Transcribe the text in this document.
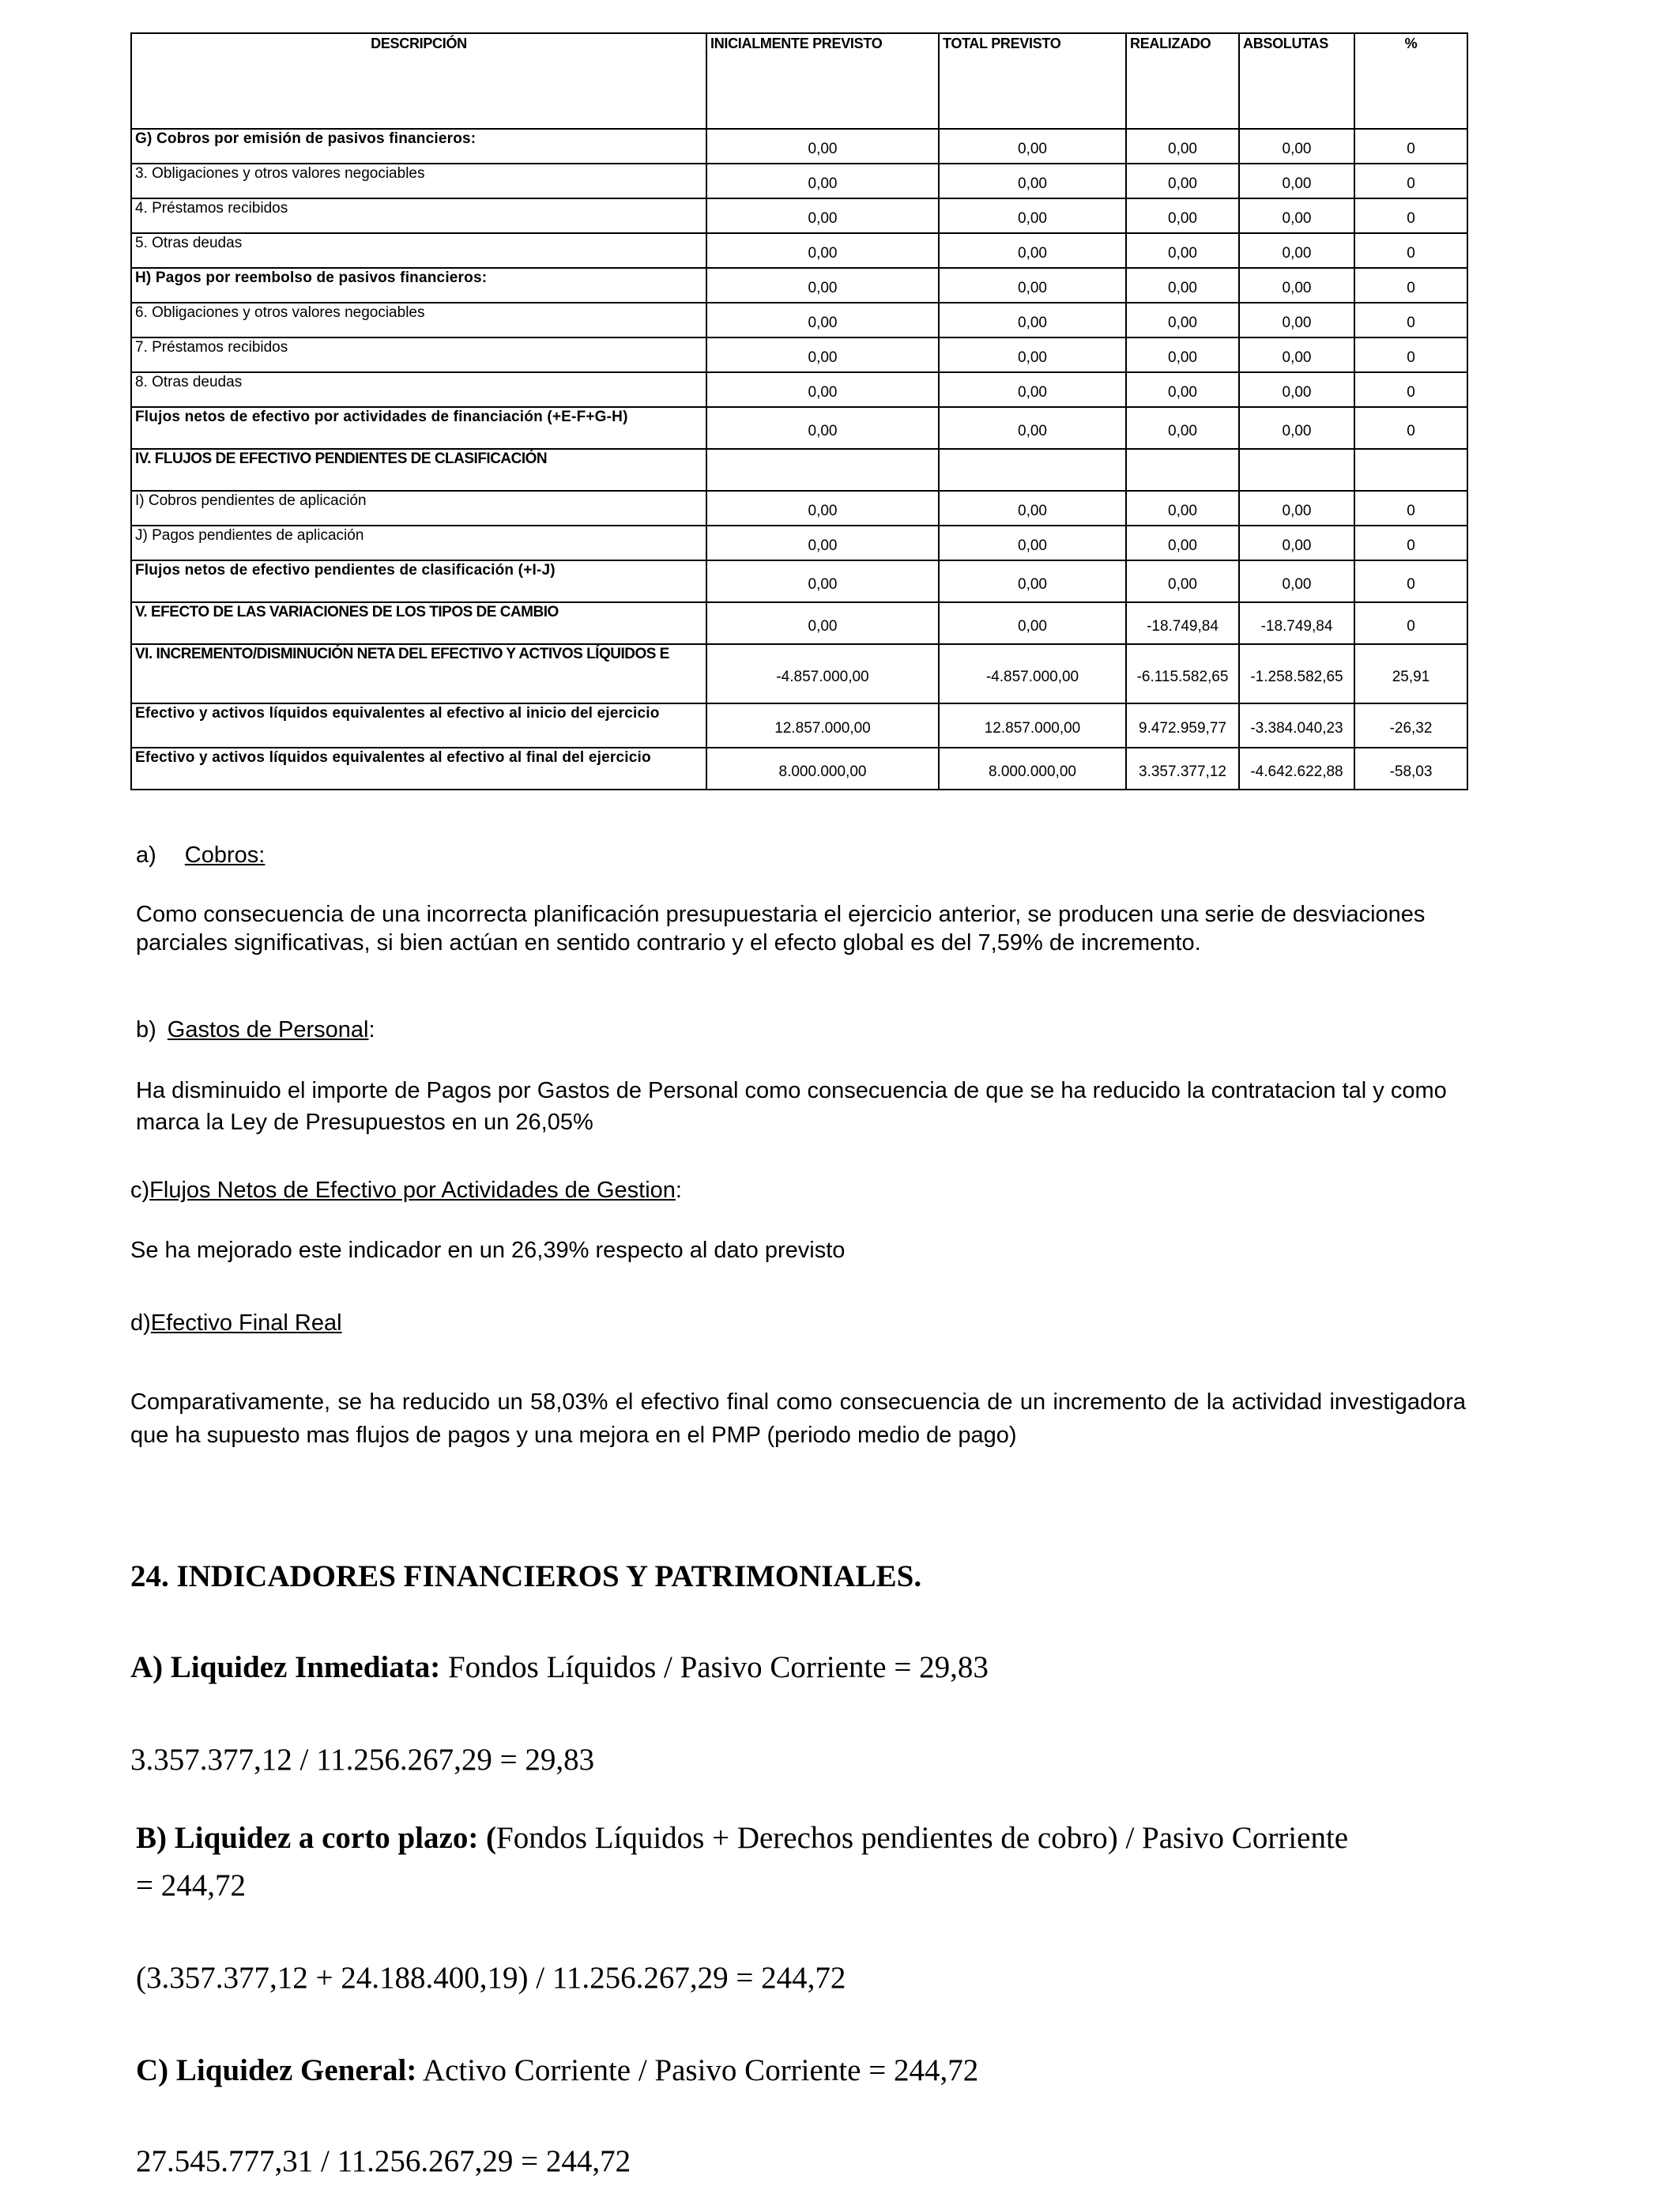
DESCRIPCIÓN	INICIALMENTE PREVISTO	TOTAL PREVISTO	REALIZADO	ABSOLUTAS	%
G) Cobros por emisión de pasivos financieros:	0,00	0,00	0,00	0,00	0
3. Obligaciones y otros valores negociables	0,00	0,00	0,00	0,00	0
4. Préstamos recibidos	0,00	0,00	0,00	0,00	0
5. Otras deudas	0,00	0,00	0,00	0,00	0
H) Pagos por reembolso de pasivos financieros:	0,00	0,00	0,00	0,00	0
6. Obligaciones y otros valores negociables	0,00	0,00	0,00	0,00	0
7. Préstamos recibidos	0,00	0,00	0,00	0,00	0
8. Otras deudas	0,00	0,00	0,00	0,00	0
Flujos netos de efectivo por actividades de financiación (+E-F+G-H)	0,00	0,00	0,00	0,00	0
IV. FLUJOS DE EFECTIVO PENDIENTES DE CLASIFICACIÓN					
I) Cobros pendientes de aplicación	0,00	0,00	0,00	0,00	0
J) Pagos pendientes de aplicación	0,00	0,00	0,00	0,00	0
Flujos netos de efectivo pendientes de clasificación (+I-J)	0,00	0,00	0,00	0,00	0
V. EFECTO DE LAS VARIACIONES DE LOS TIPOS DE CAMBIO	0,00	0,00	-18.749,84	-18.749,84	0
VI. INCREMENTO/DISMINUCIÓN NETA DEL EFECTIVO Y ACTIVOS LÍQUIDOS E	-4.857.000,00	-4.857.000,00	-6.115.582,65	-1.258.582,65	25,91
Efectivo y activos líquidos equivalentes al efectivo al inicio del ejercicio	12.857.000,00	12.857.000,00	9.472.959,77	-3.384.040,23	-26,32
Efectivo y activos líquidos equivalentes al efectivo al final del ejercicio	8.000.000,00	8.000.000,00	3.357.377,12	-4.642.622,88	-58,03

a) Cobros:

Como consecuencia de una incorrecta planificación presupuestaria el ejercicio anterior, se producen una serie de desviaciones parciales significativas, si bien actúan en sentido contrario y el efecto global es del 7,59% de incremento.

b) Gastos de Personal:

Ha disminuido el importe de Pagos por Gastos de Personal como consecuencia de que se ha reducido la contratacion tal y como marca la Ley de Presupuestos en un 26,05%

c)Flujos Netos de Efectivo por Actividades de Gestion:

Se ha mejorado este indicador en un 26,39% respecto al dato previsto

d)Efectivo Final Real

Comparativamente, se ha reducido un 58,03% el efectivo final como consecuencia de un incremento de la actividad investigadora que ha supuesto mas flujos de pagos y una mejora en el PMP (periodo medio de pago)

24. INDICADORES FINANCIEROS Y PATRIMONIALES.

A) Liquidez Inmediata: Fondos Líquidos / Pasivo Corriente = 29,83

3.357.377,12 / 11.256.267,29 = 29,83

B) Liquidez a corto plazo: (Fondos Líquidos + Derechos pendientes de cobro) / Pasivo Corriente

= 244,72

(3.357.377,12 + 24.188.400,19) / 11.256.267,29 = 244,72

C) Liquidez General: Activo Corriente / Pasivo Corriente = 244,72

27.545.777,31 / 11.256.267,29 = 244,72
